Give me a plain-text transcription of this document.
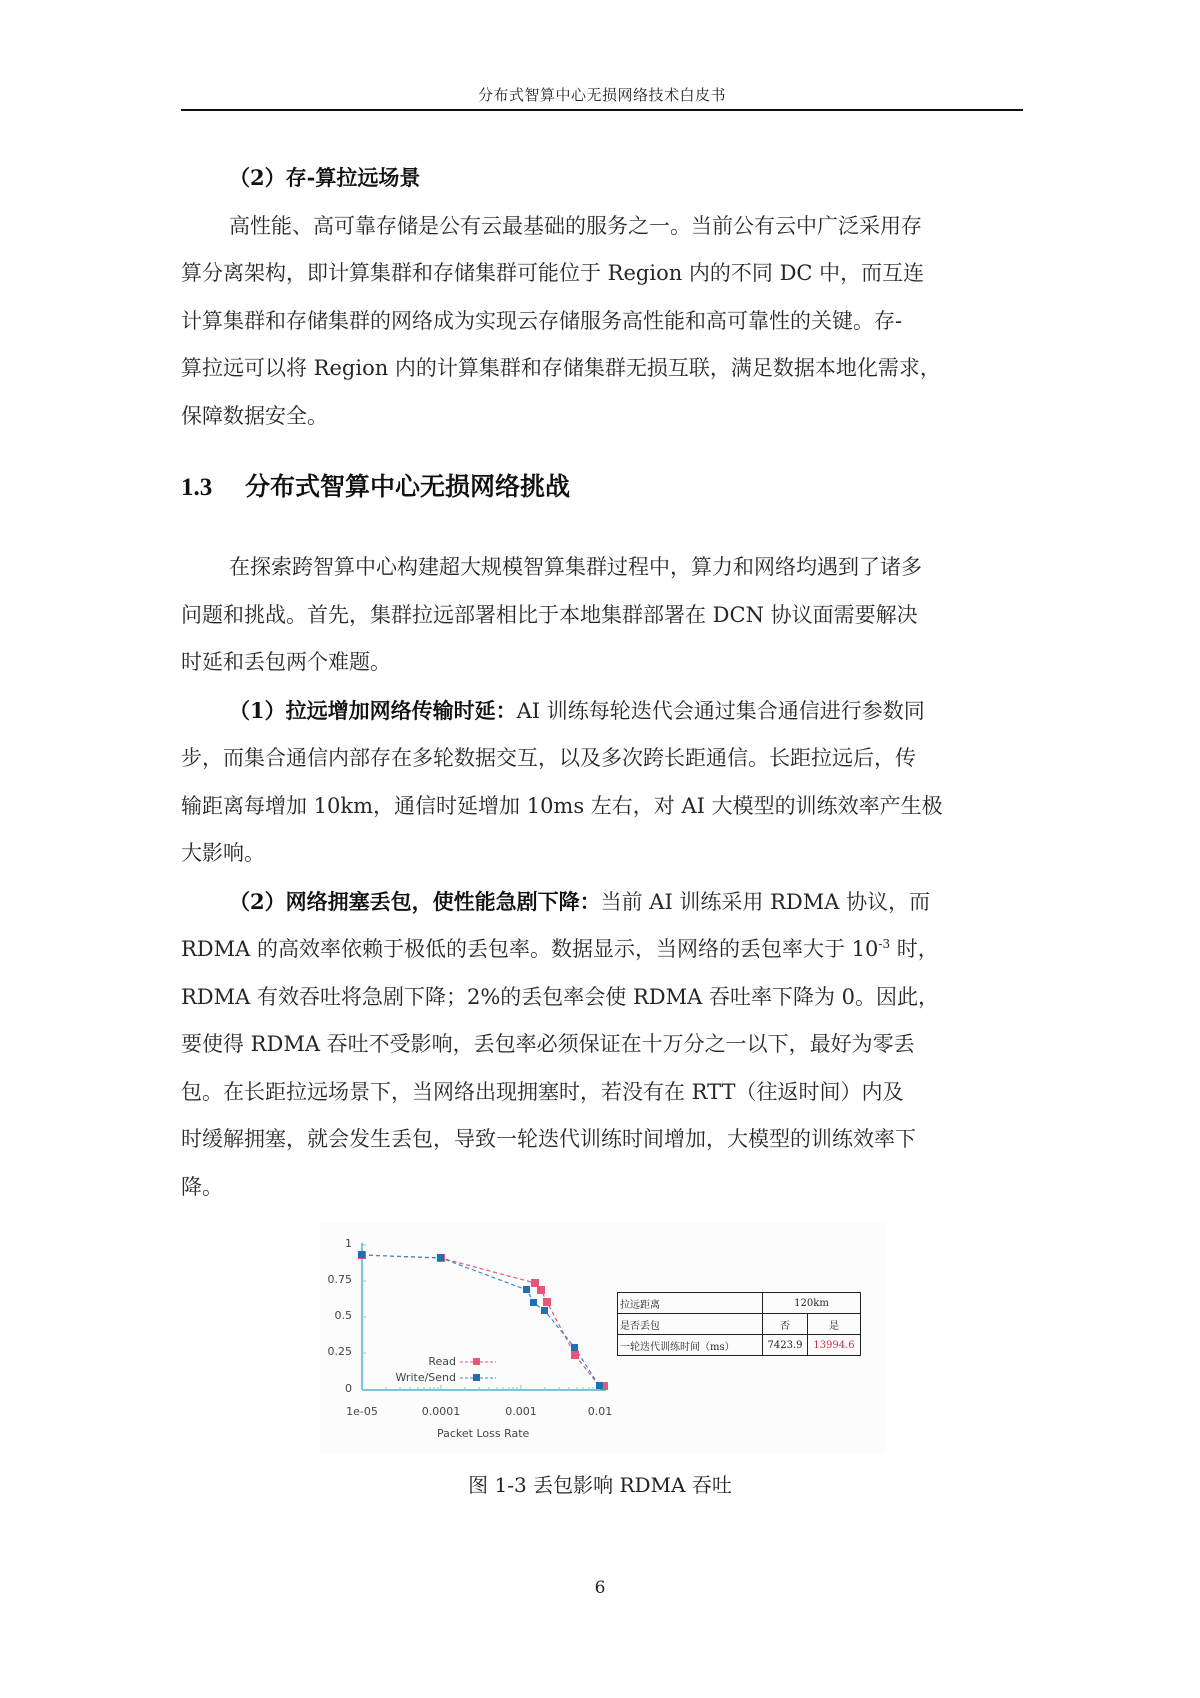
分布式智算中心无损网络技术白皮书
（2）存-算拉远场景
高性能、高可靠存储是公有云最基础的服务之一。当前公有云中广泛采用存
算分离架构，即计算集群和存储集群可能位于 Region 内的不同 DC 中，而互连
计算集群和存储集群的网络成为实现云存储服务高性能和高可靠性的关键。存-
算拉远可以将 Region 内的计算集群和存储集群无损互联，满足数据本地化需求，
保障数据安全。
1.3 分布式智算中心无损网络挑战
在探索跨智算中心构建超大规模智算集群过程中，算力和网络均遇到了诸多
问题和挑战。首先，集群拉远部署相比于本地集群部署在 DCN 协议面需要解决
时延和丢包两个难题。
（1）拉远增加网络传输时延：AI 训练每轮迭代会通过集合通信进行参数同
步，而集合通信内部存在多轮数据交互，以及多次跨长距通信。长距拉远后，传
输距离每增加 10km，通信时延增加 10ms 左右，对 AI 大模型的训练效率产生极
大影响。
（2）网络拥塞丢包，使性能急剧下降：当前 AI 训练采用 RDMA 协议，而
RDMA 的高效率依赖于极低的丢包率。数据显示，当网络的丢包率大于 $10^{-3}$ 时，
RDMA 有效吞吐将急剧下降；2%的丢包率会使 RDMA 吞吐率下降为 0。因此，
要使得 RDMA 吞吐不受影响，丢包率必须保证在十万分之一以下，最好为零丢
包。在长距拉远场景下，当网络出现拥塞时，若没有在 RTT（往返时间）内及
时缓解拥塞，就会发生丢包，导致一轮迭代训练时间增加，大模型的训练效率下
降。
1
0.75
0.5
0.25
0
1e-05	0.0001	0.001	0.01
Packet Loss Rate
Read
Write/Send
拉远距离	120km	
是否丢包	否	是
一轮迭代训练时间（ms）	7423.9	13994.6
图 1-3 丢包影响 RDMA 吞吐
6
